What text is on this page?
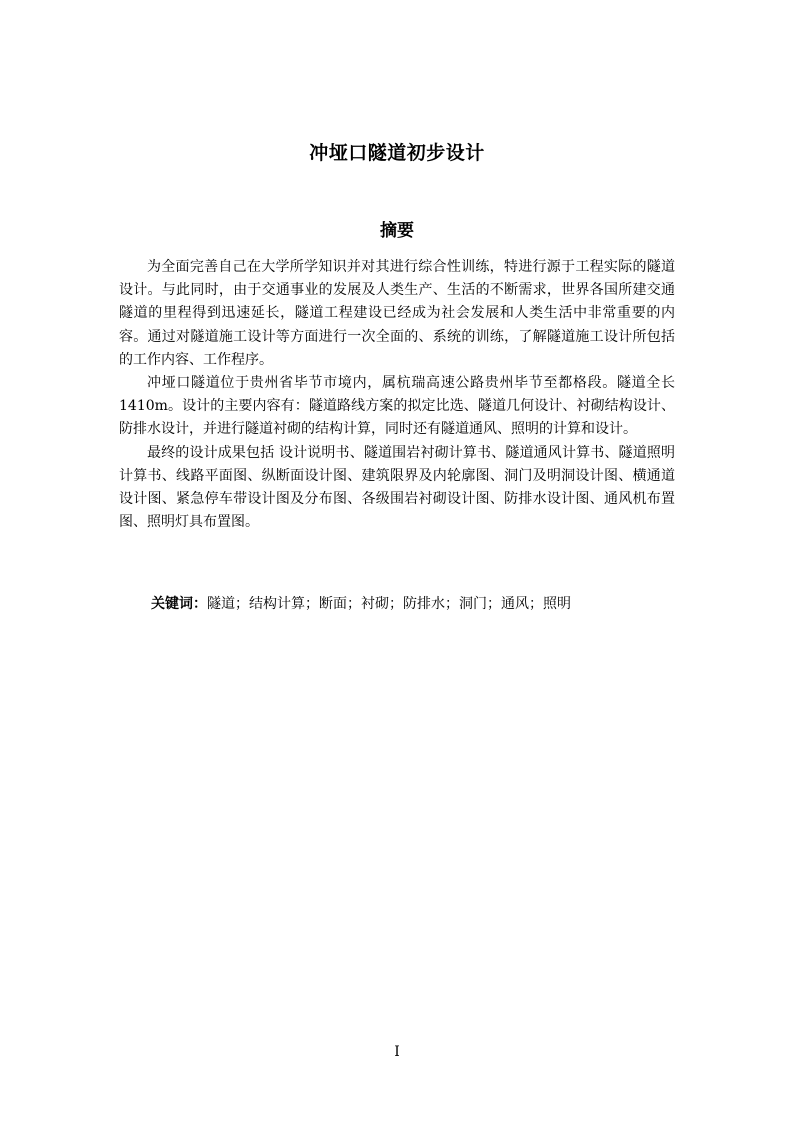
冲垭口隧道初步设计
摘要

为全面完善自己在大学所学知识并对其进行综合性训练，特进行源于工程实际的隧道设计。与此同时，由于交通事业的发展及人类生产、生活的不断需求，世界各国所建交通隧道的里程得到迅速延长，隧道工程建设已经成为社会发展和人类生活中非常重要的内容。通过对隧道施工设计等方面进行一次全面的、系统的训练，了解隧道施工设计所包括的工作内容、工作程序。

冲垭口隧道位于贵州省毕节市境内，属杭瑞高速公路贵州毕节至都格段。隧道全长1410m。设计的主要内容有：隧道路线方案的拟定比选、隧道几何设计、衬砌结构设计、防排水设计，并进行隧道衬砌的结构计算，同时还有隧道通风、照明的计算和设计。

最终的设计成果包括 设计说明书、隧道围岩衬砌计算书、隧道通风计算书、隧道照明计算书、线路平面图、纵断面设计图、建筑限界及内轮廓图、洞门及明洞设计图、横通道设计图、紧急停车带设计图及分布图、各级围岩衬砌设计图、防排水设计图、通风机布置图、照明灯具布置图。

关键词：隧道；结构计算；断面；衬砌；防排水；洞门；通风；照明
I
